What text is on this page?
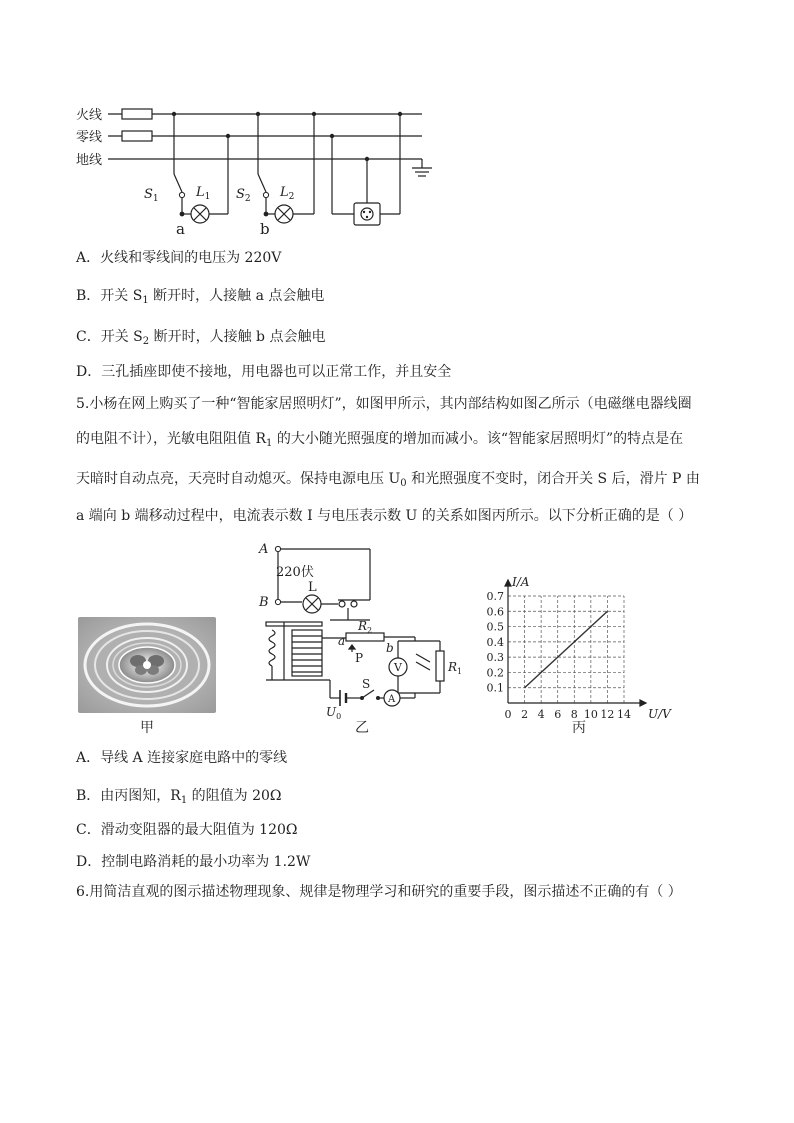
火线
零线
地线
$S_1$	$L_1$ $S_2$ $L_2$
a	b
A．火线和零线间的电压为 220V
B．开关 $S_1$ 断开时，人接触 a 点会触电
C．开关 $S_2$ 断开时，人接触 b 点会触电
D．三孔插座即使不接地，用电器也可以正常工作，并且安全
5.小杨在网上购买了一种“智能家居照明灯”，如图甲所示，其内部结构如图乙所示（电磁继电器线圈
的电阻不计），光敏电阻阻值 $R_1$ 的大小随光照强度的增加而减小。该“智能家居照明灯”的特点是在
天暗时自动点亮，天亮时自动熄灭。保持电源电压 $U_0$ 和光照强度不变时，闭合开关 S 后，滑片 P 由
a 端向 b 端移动过程中，电流表示数 I 与电压表示数 U 的关系如图丙所示。以下分析正确的是（ ）
甲
A
B
220伏
L
$R_2$
a	b
P
V	$R_1$
A
S
$U_0$
乙
0 2 4 6 8 10 12 14
0.1
0.2
0.3
0.4
0.5
0.6
0.7
U/V
I/A
丙
A．导线 A 连接家庭电路中的零线
B．由丙图知，$R_1$ 的阻值为 20Ω
C．滑动变阻器的最大阻值为 120Ω
D．控制电路消耗的最小功率为 1.2W
6.用简洁直观的图示描述物理现象、规律是物理学习和研究的重要手段，图示描述不正确的有（ ）
